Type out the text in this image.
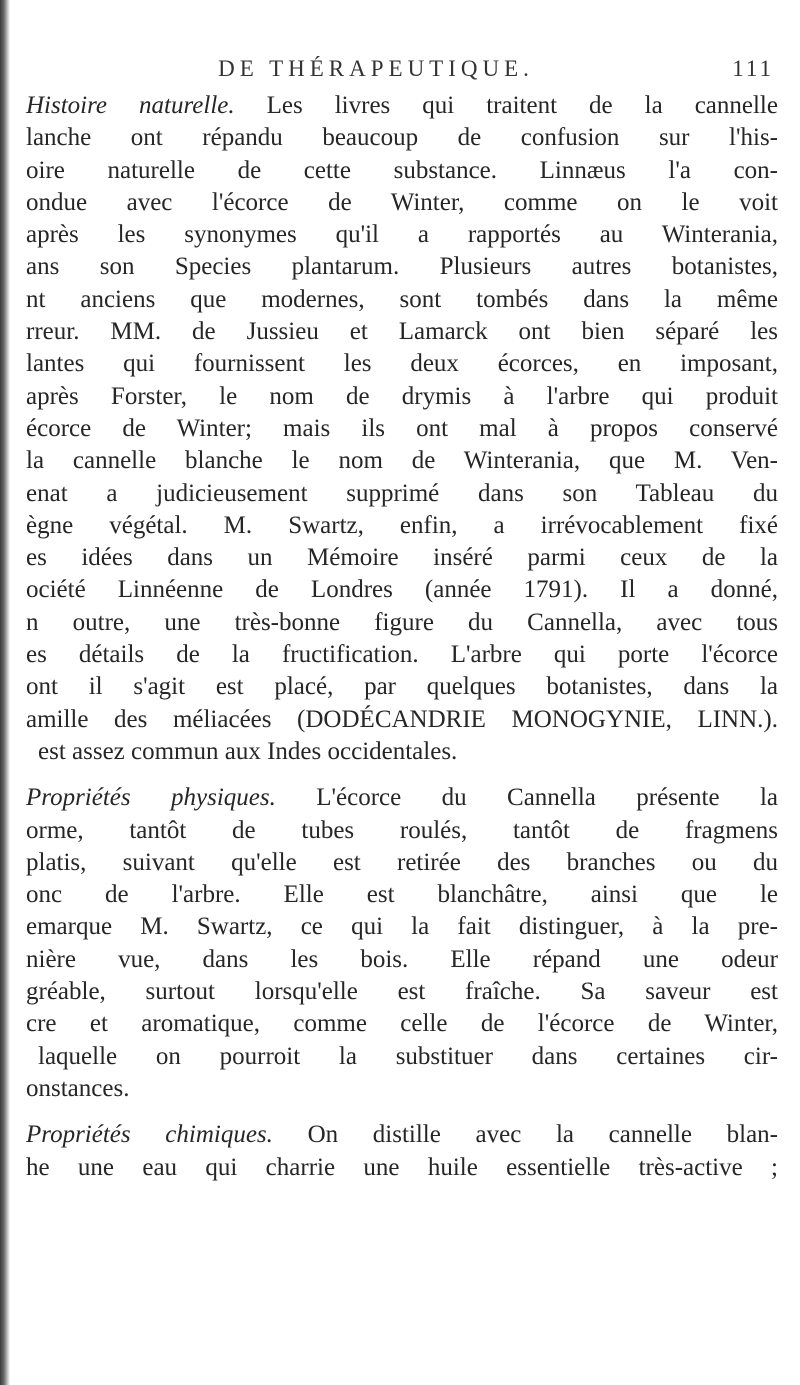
DE THÉRAPEUTIQUE.	111
Histoire naturelle. Les livres qui traitent de la cannelle
lanche ont répandu beaucoup de confusion sur l'his-
oire naturelle de cette substance. Linnæus l'a con-
ondue avec l'écorce de Winter, comme on le voit
après les synonymes qu'il a rapportés au Winterania,
ans son Species plantarum. Plusieurs autres botanistes,
nt anciens que modernes, sont tombés dans la même
rreur. MM. de Jussieu et Lamarck ont bien séparé les
lantes qui fournissent les deux écorces, en imposant,
après Forster, le nom de drymis à l'arbre qui produit
écorce de Winter; mais ils ont mal à propos conservé
la cannelle blanche le nom de Winterania, que M. Ven-
enat a judicieusement supprimé dans son Tableau du
ègne végétal. M. Swartz, enfin, a irrévocablement fixé
es idées dans un Mémoire inséré parmi ceux de la
ociété Linnéenne de Londres (année 1791). Il a donné,
n outre, une très-bonne figure du Cannella, avec tous
es détails de la fructification. L'arbre qui porte l'écorce
ont il s'agit est placé, par quelques botanistes, dans la
amille des méliacées (DODÉCANDRIE MONOGYNIE, LINN.).
est assez commun aux Indes occidentales.
Propriétés physiques. L'écorce du Cannella présente la
orme, tantôt de tubes roulés, tantôt de fragmens
platis, suivant qu'elle est retirée des branches ou du
onc de l'arbre. Elle est blanchâtre, ainsi que le
emarque M. Swartz, ce qui la fait distinguer, à la pre-
nière vue, dans les bois. Elle répand une odeur
gréable, surtout lorsqu'elle est fraîche. Sa saveur est
cre et aromatique, comme celle de l'écorce de Winter,
laquelle on pourroit la substituer dans certaines cir-
onstances.
Propriétés chimiques. On distille avec la cannelle blan-
he une eau qui charrie une huile essentielle très-active ;
